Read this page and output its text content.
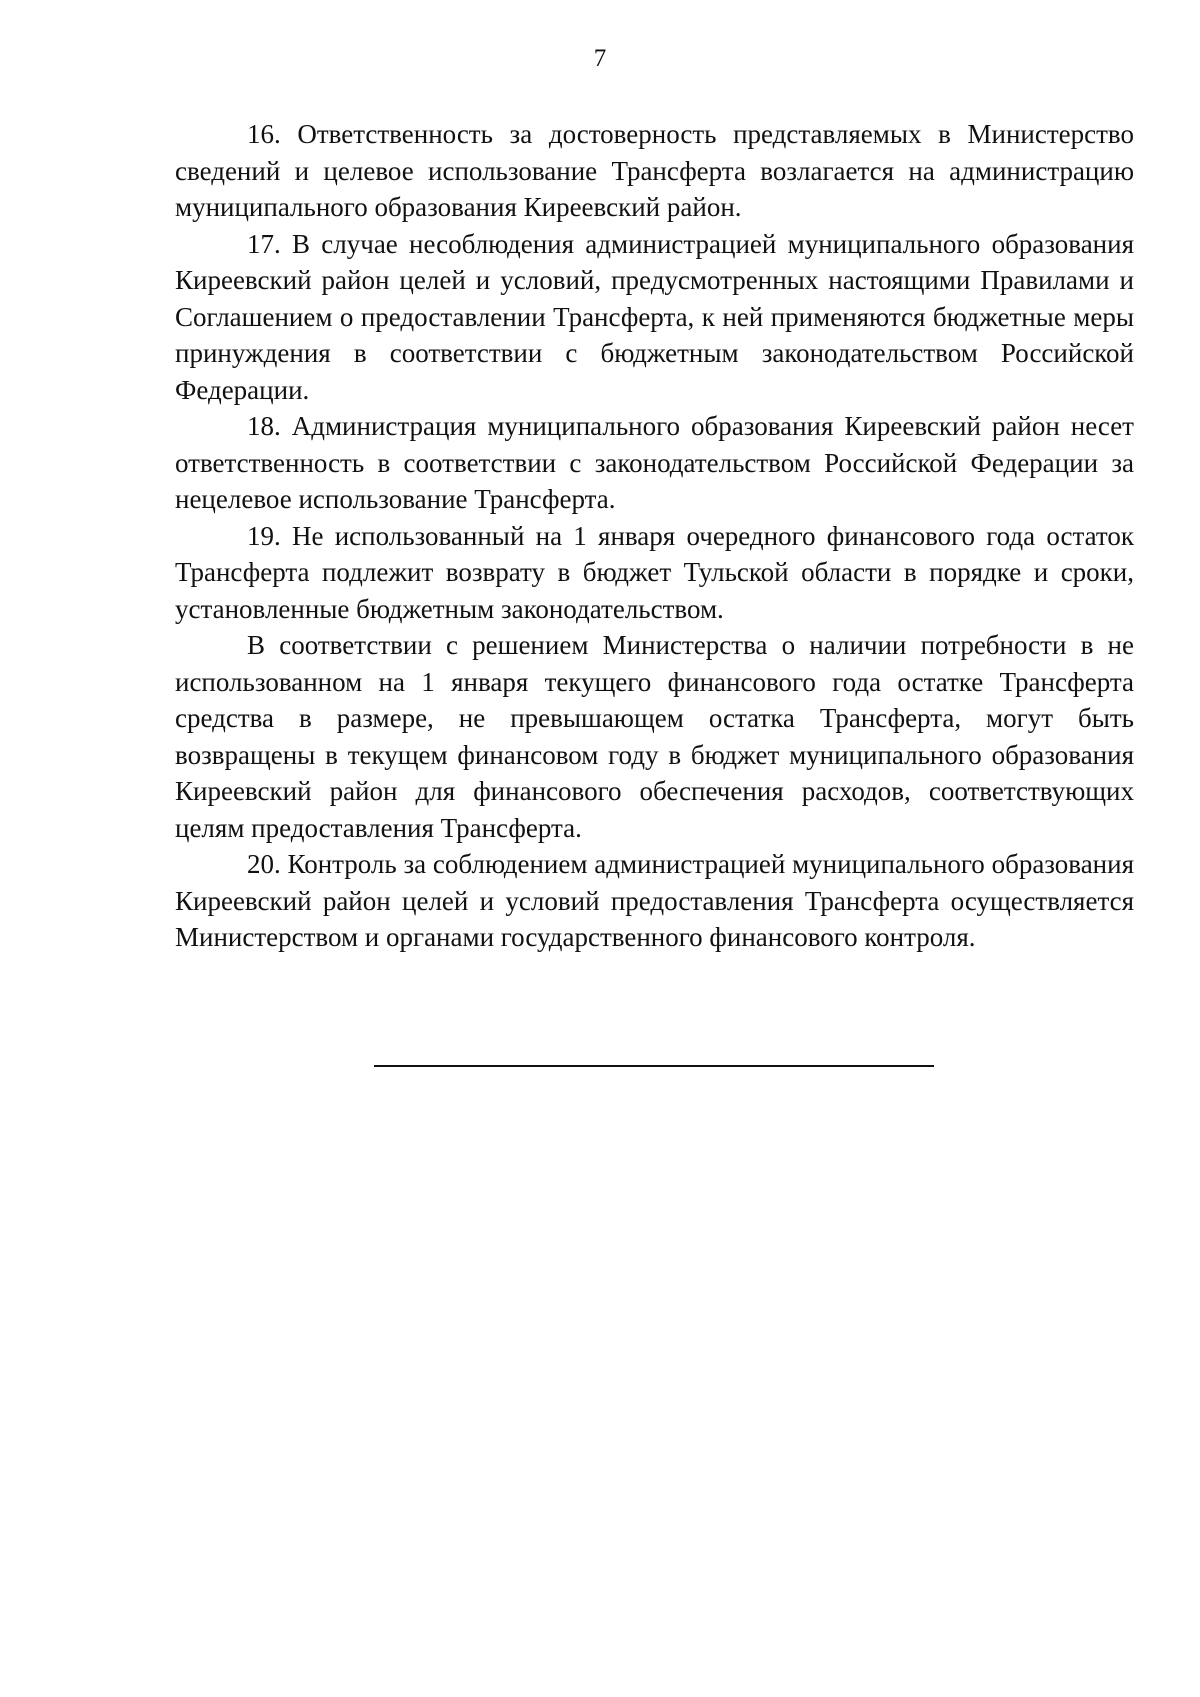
7

16. Ответственность за достоверность представляемых в Министерство сведений и целевое использование Трансферта возлагается на администрацию муниципального образования Киреевский район.

17. В случае несоблюдения администрацией муниципального образования Киреевский район целей и условий, предусмотренных настоящими Правилами и Соглашением о предоставлении Трансферта, к ней применяются бюджетные меры принуждения в соответствии с бюджетным законодательством Российской Федерации.

18. Администрация муниципального образования Киреевский район несет ответственность в соответствии с законодательством Российской Федерации за нецелевое использование Трансферта.

19. Не использованный на 1 января очередного финансового года остаток Трансферта подлежит возврату в бюджет Тульской области в порядке и сроки, установленные бюджетным законодательством.

В соответствии с решением Министерства о наличии потребности в не использованном на 1 января текущего финансового года остатке Трансферта средства в размере, не превышающем остатка Трансферта, могут быть возвращены в текущем финансовом году в бюджет муниципального образования Киреевский район для финансового обеспечения расходов, соответствующих целям предоставления Трансферта.

20. Контроль за соблюдением администрацией муниципального образования Киреевский район целей и условий предоставления Трансферта осуществляется Министерством и органами государственного финансового контроля.
